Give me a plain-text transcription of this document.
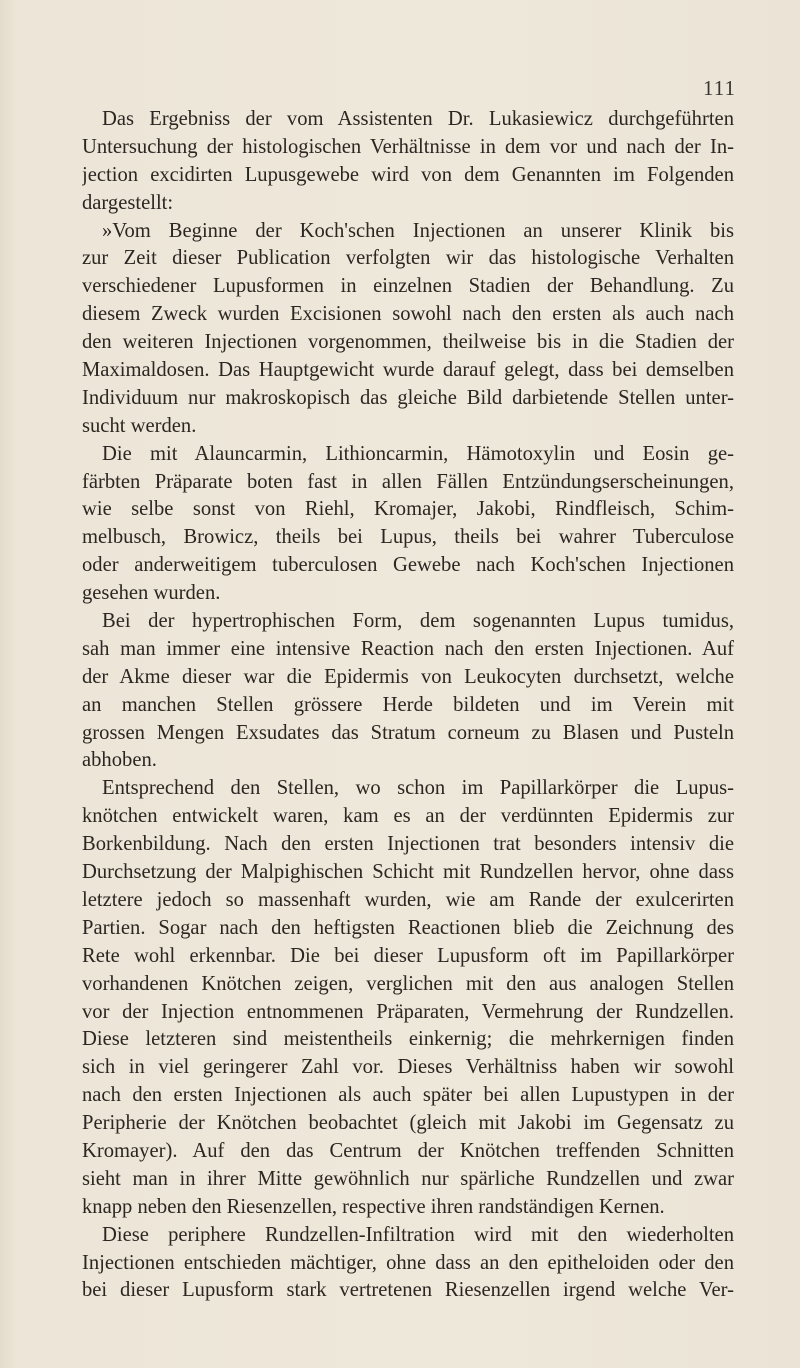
111
Das Ergebniss der vom Assistenten Dr. Lukasiewicz durchgeführten
Untersuchung der histologischen Verhältnisse in dem vor und nach der In-
jection excidirten Lupusgewebe wird von dem Genannten im Folgenden
dargestellt:
»Vom Beginne der Koch'schen Injectionen an unserer Klinik bis
zur Zeit dieser Publication verfolgten wir das histologische Verhalten
verschiedener Lupusformen in einzelnen Stadien der Behandlung. Zu
diesem Zweck wurden Excisionen sowohl nach den ersten als auch nach
den weiteren Injectionen vorgenommen, theilweise bis in die Stadien der
Maximaldosen. Das Hauptgewicht wurde darauf gelegt, dass bei demselben
Individuum nur makroskopisch das gleiche Bild darbietende Stellen unter-
sucht werden.
Die mit Alauncarmin, Lithioncarmin, Hämotoxylin und Eosin ge-
färbten Präparate boten fast in allen Fällen Entzündungserscheinungen,
wie selbe sonst von Riehl, Kromajer, Jakobi, Rindfleisch, Schim-
melbusch, Browicz, theils bei Lupus, theils bei wahrer Tuberculose
oder anderweitigem tuberculosen Gewebe nach Koch'schen Injectionen
gesehen wurden.
Bei der hypertrophischen Form, dem sogenannten Lupus tumidus,
sah man immer eine intensive Reaction nach den ersten Injectionen. Auf
der Akme dieser war die Epidermis von Leukocyten durchsetzt, welche
an manchen Stellen grössere Herde bildeten und im Verein mit
grossen Mengen Exsudates das Stratum corneum zu Blasen und Pusteln
abhoben.
Entsprechend den Stellen, wo schon im Papillarkörper die Lupus-
knötchen entwickelt waren, kam es an der verdünnten Epidermis zur
Borkenbildung. Nach den ersten Injectionen trat besonders intensiv die
Durchsetzung der Malpighischen Schicht mit Rundzellen hervor, ohne dass
letztere jedoch so massenhaft wurden, wie am Rande der exulcerirten
Partien. Sogar nach den heftigsten Reactionen blieb die Zeichnung des
Rete wohl erkennbar. Die bei dieser Lupusform oft im Papillarkörper
vorhandenen Knötchen zeigen, verglichen mit den aus analogen Stellen
vor der Injection entnommenen Präparaten, Vermehrung der Rundzellen.
Diese letzteren sind meistentheils einkernig; die mehrkernigen finden
sich in viel geringerer Zahl vor. Dieses Verhältniss haben wir sowohl
nach den ersten Injectionen als auch später bei allen Lupustypen in der
Peripherie der Knötchen beobachtet (gleich mit Jakobi im Gegensatz zu
Kromayer). Auf den das Centrum der Knötchen treffenden Schnitten
sieht man in ihrer Mitte gewöhnlich nur spärliche Rundzellen und zwar
knapp neben den Riesenzellen, respective ihren randständigen Kernen.
Diese periphere Rundzellen-Infiltration wird mit den wiederholten
Injectionen entschieden mächtiger, ohne dass an den epitheloiden oder den
bei dieser Lupusform stark vertretenen Riesenzellen irgend welche Ver-
